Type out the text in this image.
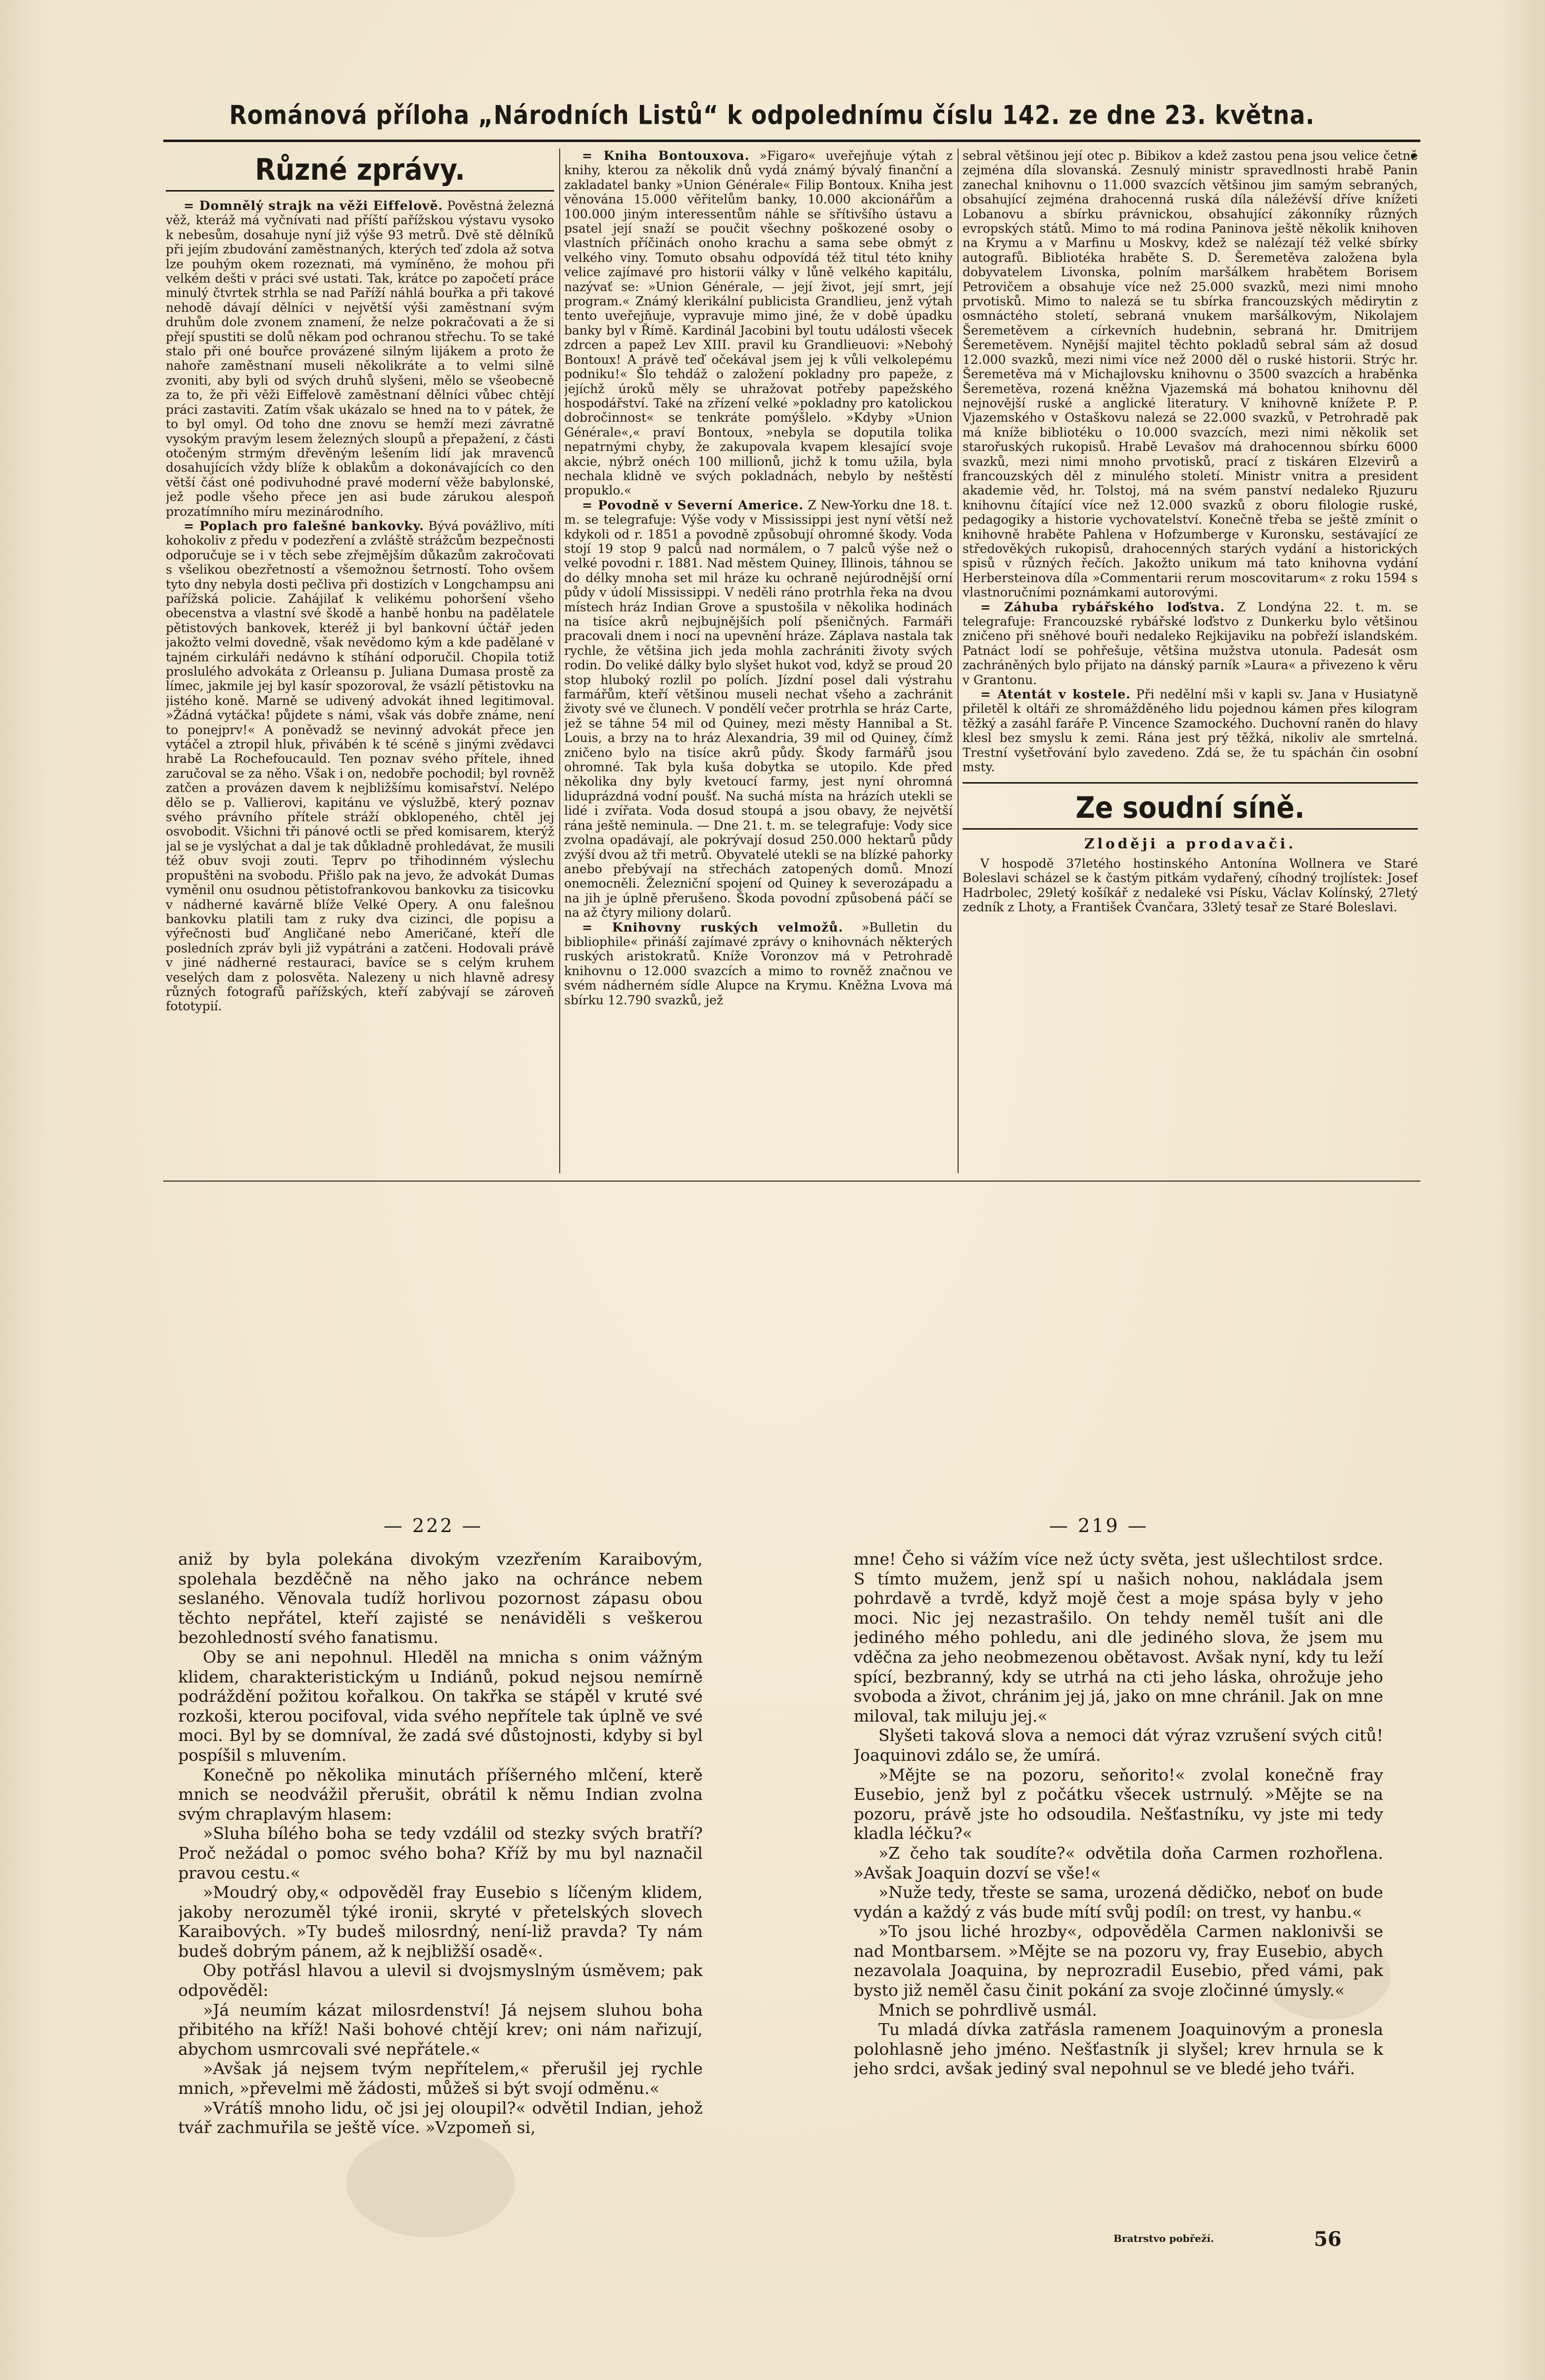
Románová příloha „Národních Listů“ k odpolednímu číslu 142. ze dne 23. května.
Různé zprávy.

= Domnělý strajk na věži Eiffelově. Pověstná železná věž, kteráž má vyčnívati nad příští pařížskou výstavu vysoko k nebesům, dosahuje nyní již výše 93 metrů. Dvě stě dělníků při jejím zbudování zaměstnaných, kterých teď zdola až sotva lze pouhým okem rozeznati, má vymíněno, že mohou při velkém dešti v práci své ustati. Tak, krátce po započetí práce minulý čtvrtek strhla se nad Paříží náhlá bouřka a při takové nehodě dávají dělníci v největší výši zaměstnaní svým druhům dole zvonem znamení, že nelze pokračovati a že si přejí spustiti se dolů někam pod ochranou střechu. To se také stalo při oné bouřce provázené silným lijákem a proto že nahoře zaměstnaní museli několikráte a to velmi silně zvoniti, aby byli od svých druhů slyšeni, mělo se všeobecně za to, že při věži Eiffelově zaměstnaní dělníci vůbec chtějí práci zastaviti. Zatím však ukázalo se hned na to v pátek, že to byl omyl. Od toho dne znovu se hemží mezi závratně vysokým pravým lesem železných sloupů a přepažení, z části otočeným strmým dřevěným lešením lidí jak mravenců dosahujících vždy blíže k oblakům a dokonávajících co den větší část oné podivuhodné pravé moderní věže babylonské, jež podle všeho přece jen asi bude zárukou alespoň prozatímního míru mezinárodního.

= Poplach pro falešné bankovky. Bývá povážlivo, míti kohokoliv z předu v podezření a zvláště strážcům bezpečnosti odporučuje se i v těch sebe zřejmějším důkazům zakročovati s všelikou obezřetností a všemožnou šetrností. Toho ovšem tyto dny nebyla dosti pečliva při dostizích v Longchampsu ani pařížská policie. Zahájilať k velikému pohoršení všeho obecenstva a vlastní své škodě a hanbě honbu na padělatele pětistových bankovek, kteréž ji byl bankovní účtář jeden jakožto velmi dovedně, však nevědomo kým a kde padělané v tajném cirkuláři nedávno k stíhání odporučil. Chopila totiž proslulého advokáta z Orleansu p. Juliana Dumasa prostě za límec, jakmile jej byl kasír spozoroval, že vsázlí pětistovku na jistého koně. Marně se udivený advokát ihned legitimoval. »Žádná vytáčka! půjdete s námi, však vás dobře známe, není to ponejprv!« A poněvadž se nevinný advokát přece jen vytáčel a ztropil hluk, přivábén k té scéně s jinými zvědavci hrabě La Rochefoucauld. Ten poznav svého přítele, ihned zaručoval se za něho. Však i on, nedobře pochodil; byl rovněž zatčen a provázen davem k nejbližšímu komisařství. Nelépo dělo se p. Vallierovi, kapitánu ve výslužbě, který poznav svého právního přítele stráží obklopeného, chtěl jej osvobodit. Všichni tři pánové octli se před komisarem, kterýž jal se je vyslýchat a dal je tak důkladně prohledávat, že musili též obuv svoji zouti. Teprv po třihodinném výslechu propuštěni na svobodu. Přišlo pak na jevo, že advokát Dumas vyměnil onu osudnou pětistofrankovou bankovku za tisicovku v nádherné kavárně blíže Velké Opery. A onu falešnou bankovku platili tam z ruky dva cizinci, dle popisu a výřečnosti buď Angličané nebo Američané, kteří dle posledních zpráv byli již vypátráni a zatčeni. Hodovali právě v jiné nádherné restauraci, bavíce se s celým kruhem veselých dam z polosvěta. Nalezeny u nich hlavně adresy různých fotografů pařížských, kteří zabývají se zároveň fototypií.

= Kniha Bontouxova. »Figaro« uveřejňuje výtah z knihy, kterou za několik dnů vydá známý bývalý finanční a zakladatel banky »Union Générale« Filip Bontoux. Kniha jest věnována 15.000 věřitelům banky, 10.000 akcionářům a 100.000 jiným interessentům náhle se sřítivšího ústavu a psatel její snaží se poučit všechny poškozené osoby o vlastních příčinách onoho krachu a sama sebe obmýt z velkého viny. Tomuto obsahu odpovídá též titul této knihy velice zajímavé pro historii války v lůně velkého kapitálu, nazývať se: »Union Générale, — její život, její smrt, její program.« Známý klerikální publicista Grandlieu, jenž výtah tento uveřejňuje, vypravuje mimo jiné, že v době úpadku banky byl v Římě. Kardinál Jacobini byl toutu události všecek zdrcen a papež Lev XIII. pravil ku Grandlieuovi: »Nebohý Bontoux! A právě teď očekával jsem jej k vůli velkolepému podniku!« Šlo tehdáž o založení pokladny pro papeže, z jejíchž úroků měly se uhražovat potřeby papežského hospodářství. Také na zřízení velké »pokladny pro katolickou dobročinnost« se tenkráte pomýšlelo. »Kdyby »Union Générale«,« praví Bontoux, »nebyla se doputila tolika nepatrnými chyby, že zakupovala kvapem klesající svoje akcie, nýbrž onéch 100 millionů, jichž k tomu užila, byla nechala klidně ve svých pokladnách, nebylo by neštěstí propuklo.«

= Povodně v Severní Americe. Z New-Yorku dne 18. t. m. se telegrafuje: Výše vody v Mississippi jest nyní větší než kdykoli od r. 1851 a povodně způsobují ohromné škody. Voda stojí 19 stop 9 palců nad normálem, o 7 palců výše než o velké povodni r. 1881. Nad městem Quiney, Illinois, táhnou se do délky mnoha set mil hráze ku ochraně nejúrodnější orní půdy v údolí Mississippi. V neděli ráno protrhla řeka na dvou místech hráz Indian Grove a spustošila v několika hodinách na tisíce akrů nejbujnějších polí pšeničných. Farmáři pracovali dnem i nocí na upevnění hráze. Záplava nastala tak rychle, že většina jich jeda mohla zachrániti životy svých rodin. Do veliké dálky bylo slyšet hukot vod, když se proud 20 stop hluboký rozlil po polích. Jízdní posel dali výstrahu farmářům, kteří většinou museli nechat všeho a zachránit životy své ve člunech. V pondělí večer protrhla se hráz Carte, jež se táhne 54 mil od Quiney, mezi městy Hannibal a St. Louis, a brzy na to hráz Alexandria, 39 mil od Quiney, čímž zničeno bylo na tisíce akrů půdy. Škody farmářů jsou ohromné. Tak byla kuša dobytka se utopilo. Kde před několika dny byly kvetoucí farmy, jest nyní ohromná liduprázdná vodní poušť. Na suchá místa na hrázích utekli se lidé i zvířata. Voda dosud stoupá a jsou obavy, že největší rána ještě neminula. — Dne 21. t. m. se telegrafuje: Vody sice zvolna opadávají, ale pokrývají dosud 250.000 hektarů půdy zvýší dvou až tři metrů. Obyvatelé utekli se na blízké pahorky anebo přebývají na střechách zatopených domů. Mnozí onemocněli. Železniční spojení od Quiney k severozápadu a na jih je úplně přerušeno. Škoda povodní způsobená páčí se na až čtyry miliony dolarů.

= Knihovny ruských velmožů. »Bulletin du bibliophile« přináší zajímavé zprávy o knihovnách některých ruských aristokratů. Kníže Voronzov má v Petrohradě knihovnu o 12.000 svazcích a mimo to rovněž značnou ve svém nádherném sídle Alupce na Krymu. Kněžna Lvova má sbírku 12.790 svazků, jež

sebral většinou její otec p. Bibikov a kdež zastou pena jsou velice četně zejména díla slovanská. Zesnulý ministr spravedlnosti hrabě Panin zanechal knihovnu o 11.000 svazcích většinou jim samým sebraných, obsahující zejména drahocenná ruská díla náležévší dříve knížeti Lobanovu a sbírku právnickou, obsahující zákonníky různých evropských států. Mimo to má rodina Paninova ještě několik knihoven na Krymu a v Marfinu u Moskvy, kdež se nalézají též velké sbírky autografů. Bibliotéka hraběte S. D. Šeremetěva založena byla dobyvatelem Livonska, polním maršálkem hrabětem Borisem Petrovičem a obsahuje více než 25.000 svazků, mezi nimi mnoho prvotisků. Mimo to nalezá se tu sbírka francouzských mědirytin z osmnáctého století, sebraná vnukem maršálkovým, Nikolajem Šeremetěvem a církevních hudebnin, sebraná hr. Dmitrijem Šeremetěvem. Nynější majitel těchto pokladů sebral sám až dosud 12.000 svazků, mezi nimi více než 2000 děl o ruské historii. Strýc hr. Šeremetěva má v Michajlovsku knihovnu o 3500 svazcích a hraběnka Šeremetěva, rozená kněžna Vjazemská má bohatou knihovnu děl nejnovější ruské a anglické literatury. V knihovně knížete P. P. Vjazemského v Ostaškovu nalezá se 22.000 svazků, v Petrohradě pak má kníže bibliotéku o 10.000 svazcích, mezi nimi několik set starořuských rukopisů. Hrabě Levašov má drahocennou sbírku 6000 svazků, mezi nimi mnoho prvotisků, prací z tiskáren Elzevirů a francouzských děl z minulého století. Ministr vnitra a president akademie věd, hr. Tolstoj, má na svém panství nedaleko Rjuzuru knihovnu čítající více než 12.000 svazků z oboru filologie ruské, pedagogiky a historie vychovatelství. Konečně třeba se ještě zmínit o knihovně hraběte Pahlena v Hofzumberge v Kuronsku, sestávající ze středověkých rukopisů, drahocenných starých vydání a historických spisů v různých řečích. Jakožto unikum má tato knihovna vydání Herbersteinova díla »Commentarii rerum moscovitarum« z roku 1594 s vlastnoručními poznámkami autorovými.

= Záhuba rybářského loďstva. Z Londýna 22. t. m. se telegrafuje: Francouzské rybářské loďstvo z Dunkerku bylo většinou zničeno při sněhové bouři nedaleko Rejkijaviku na pobřeží islandském. Patnáct lodí se pohřešuje, většina mužstva utonula. Padesát osm zachráněných bylo přijato na dánský parník »Laura« a přivezeno k věru v Grantonu.

= Atentát v kostele. Při nedělní mši v kapli sv. Jana v Husiatyně přiletěl k oltáři ze shromážděného lidu pojednou kámen přes kilogram těžký a zasáhl faráře P. Vincence Szamockého. Duchovní raněn do hlavy klesl bez smyslu k zemi. Rána jest prý těžká, nikoliv ale smrtelná. Trestní vyšetřování bylo zavedeno. Zdá se, že tu spáchán čin osobní msty.

Ze soudní síně.
Zloději a prodavači.

V hospodě 37letého hostinského Antonína Wollnera ve Staré Boleslavi scházel se k častým pitkám vydařený, cíhodný trojlístek: Josef Hadrbolec, 29letý košíkář z nedaleké vsi Písku, Václav Kolínský, 27letý zedník z Lhoty, a František Čvančara, 33letý tesař ze Staré Boleslavi.

— 222 —

aniž by byla polekána divokým vzezřením Karaibovým, spolehala bezděčně na něho jako na ochránce nebem seslaného. Věnovala tudíž horlivou pozornost zápasu obou těchto nepřátel, kteří zajisté se nenáviděli s veškerou bezohledností svého fanatismu.

Oby se ani nepohnul. Hleděl na mnicha s onim vážným klidem, charakteristickým u Indiánů, pokud nejsou nemírně podráždění požitou kořalkou. On takřka se stápěl v kruté své rozkoši, kterou pocifoval, vida svého nepřítele tak úplně ve své moci. Byl by se domníval, že zadá své důstojnosti, kdyby si byl pospíšil s mluvením.

Konečně po několika minutách příšerného mlčení, kterě mnich se neodvážil přerušit, obrátil k němu Indian zvolna svým chraplavým hlasem:

»Sluha bílého boha se tedy vzdálil od stezky svých bratří? Proč nežádal o pomoc svého boha? Kříž by mu byl naznačil pravou cestu.«

»Moudrý oby,« odpověděl fray Eusebio s líčeným klidem, jakoby nerozuměl týké ironii, skryté v přetelských slovech Karaibových. »Ty budeš milosrdný, není-liž pravda? Ty nám budeš dobrým pánem, až k nejbližší osadě«.

Oby potřásl hlavou a ulevil si dvojsmyslným úsměvem; pak odpověděl:

»Já neumím kázat milosrdenství! Já nejsem sluhou boha přibitého na kříž! Naši bohové chtějí krev; oni nám nařizují, abychom usmrcovali své nepřátele.«

»Avšak já nejsem tvým nepřítelem,« přerušil jej rychle mnich, »převelmi mě žádosti, můžeš si být svojí odměnu.«

»Vrátíš mnoho lidu, oč jsi jej oloupil?« odvětil Indian, jehož tvář zachmuřila se ještě více. »Vzpomeň si,

— 219 —

mne! Čeho si vážím více než úcty světa, jest ušlechtilost srdce. S tímto mužem, jenž spí u našich nohou, nakládala jsem pohrdavě a tvrdě, když mojě čest a moje spása byly v jeho moci. Nic jej nezastrašilo. On tehdy neměl tušít ani dle jediného mého pohledu, ani dle jediného slova, že jsem mu vděčna za jeho neobmezenou obětavost. Avšak nyní, kdy tu leží spící, bezbranný, kdy se utrhá na cti jeho láska, ohrožuje jeho svoboda a život, chránim jej já, jako on mne chránil. Jak on mne miloval, tak miluju jej.«

Slyšeti taková slova a nemoci dát výraz vzrušení svých citů! Joaquinovi zdálo se, že umírá.

»Mějte se na pozoru, seňorito!« zvolal konečně fray Eusebio, jenž byl z počátku všecek ustrnulý. »Mějte se na pozoru, právě jste ho odsoudila. Nešťastníku, vy jste mi tedy kladla léčku?«

»Z čeho tak soudíte?« odvětila doňa Carmen rozhořlena. »Avšak Joaquin dozví se vše!«

»Nuže tedy, třeste se sama, urozená dědičko, neboť on bude vydán a každý z vás bude mítí svůj podíl: on trest, vy hanbu.«

»To jsou liché hrozby«, odpověděla Carmen naklonivši se nad Montbarsem. »Mějte se na pozoru vy, fray Eusebio, abych nezavolala Joaquina, by neprozradil Eusebio, před vámi, pak bysto již neměl času činit pokání za svoje zločinné úmysly.«

Mnich se pohrdlivě usmál.

Tu mladá dívka zatřásla ramenem Joaquinovým a pronesla polohlasně jeho jméno. Nešťastník ji slyšel; krev hrnula se k jeho srdci, avšak jediný sval nepohnul se ve bledé jeho tváři.

Bratrstvo pobřeží.	56
